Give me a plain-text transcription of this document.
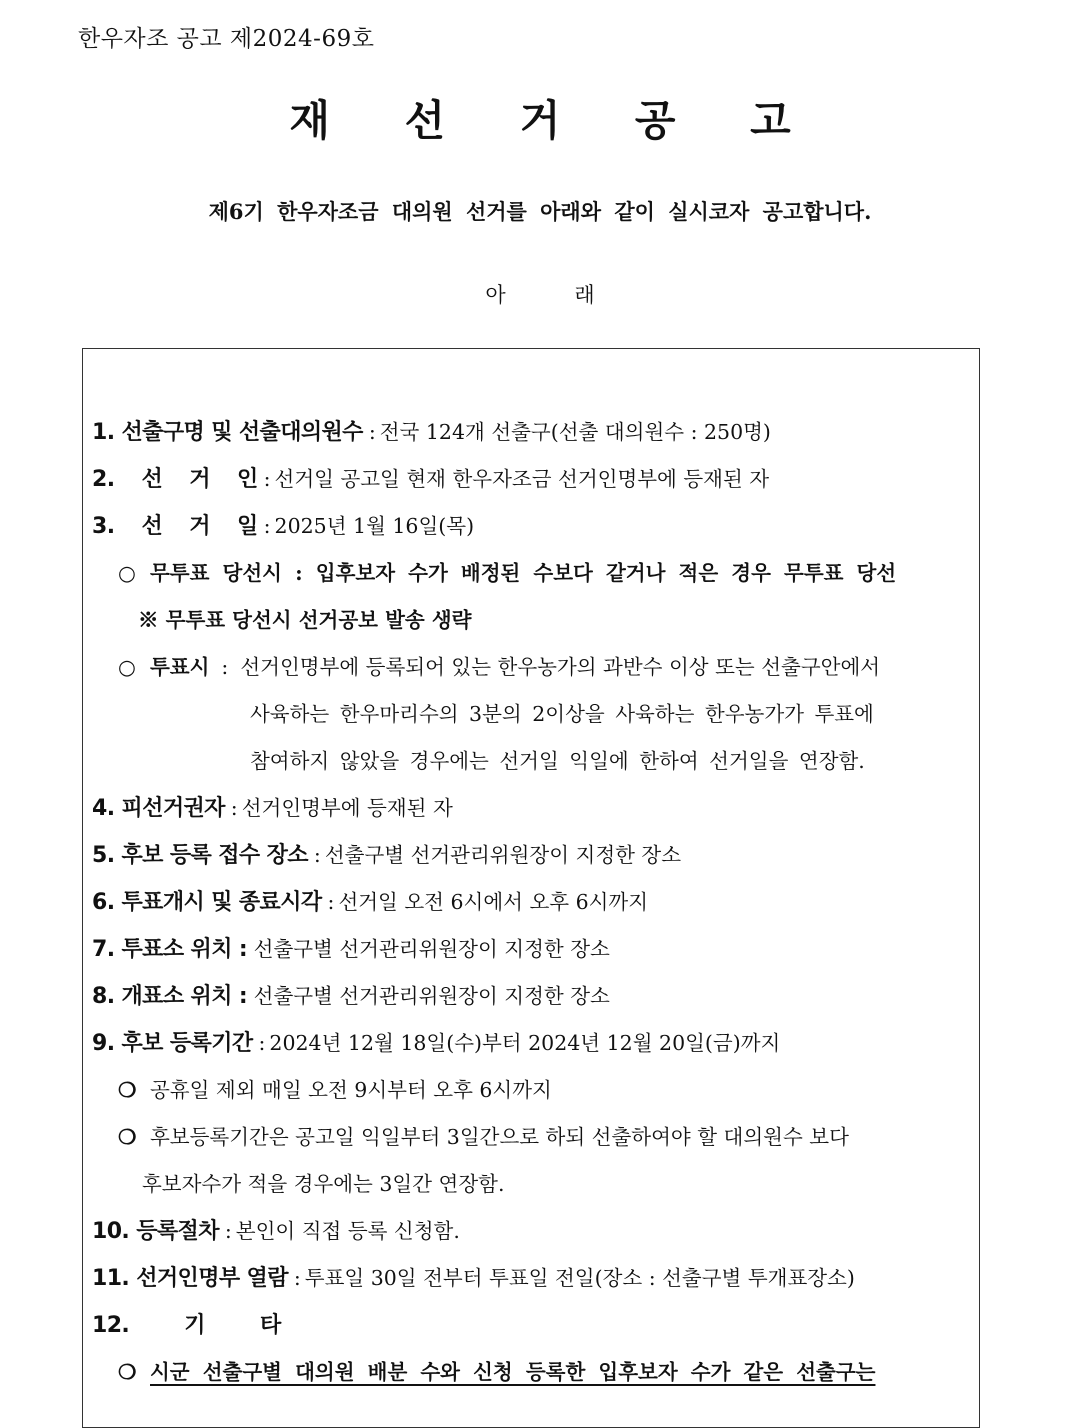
한우자조 공고 제2024-69호
재 선 거 공 고
제6기 한우자조금 대의원 선거를 아래와 같이 실시코자 공고합니다.
아 래
1. 선출구명 및 선출대의원수 : 전국 124개 선출구(선출 대의원수 : 250명)
2. 선 거 인 : 선거일 공고일 현재 한우자조금 선거인명부에 등재된 자
3. 선 거 일 : 2025년 1월 16일(목)
○ 무투표 당선시 : 입후보자 수가 배정된 수보다 같거나 적은 경우 무투표 당선
※ 무투표 당선시 선거공보 발송 생략
○ 투표시 : 선거인명부에 등록되어 있는 한우농가의 과반수 이상 또는 선출구안에서
사육하는 한우마리수의 3분의 2이상을 사육하는 한우농가가 투표에
참여하지 않았을 경우에는 선거일 익일에 한하여 선거일을 연장함.
4. 피선거권자 : 선거인명부에 등재된 자
5. 후보 등록 접수 장소 : 선출구별 선거관리위원장이 지정한 장소
6. 투표개시 및 종료시각 : 선거일 오전 6시에서 오후 6시까지
7. 투표소 위치 : 선출구별 선거관리위원장이 지정한 장소
8. 개표소 위치 : 선출구별 선거관리위원장이 지정한 장소
9. 후보 등록기간 : 2024년 12월 18일(수)부터 2024년 12월 20일(금)까지
❍ 공휴일 제외 매일 오전 9시부터 오후 6시까지
❍ 후보등록기간은 공고일 익일부터 3일간으로 하되 선출하여야 할 대의원수 보다
후보자수가 적을 경우에는 3일간 연장함.
10. 등록절차 : 본인이 직접 등록 신청함.
11. 선거인명부 열람 : 투표일 30일 전부터 투표일 전일(장소 : 선출구별 투개표장소)
12. 기 타
❍ 시군 선출구별 대의원 배분 수와 신청 등록한 입후보자 수가 같은 선출구는
